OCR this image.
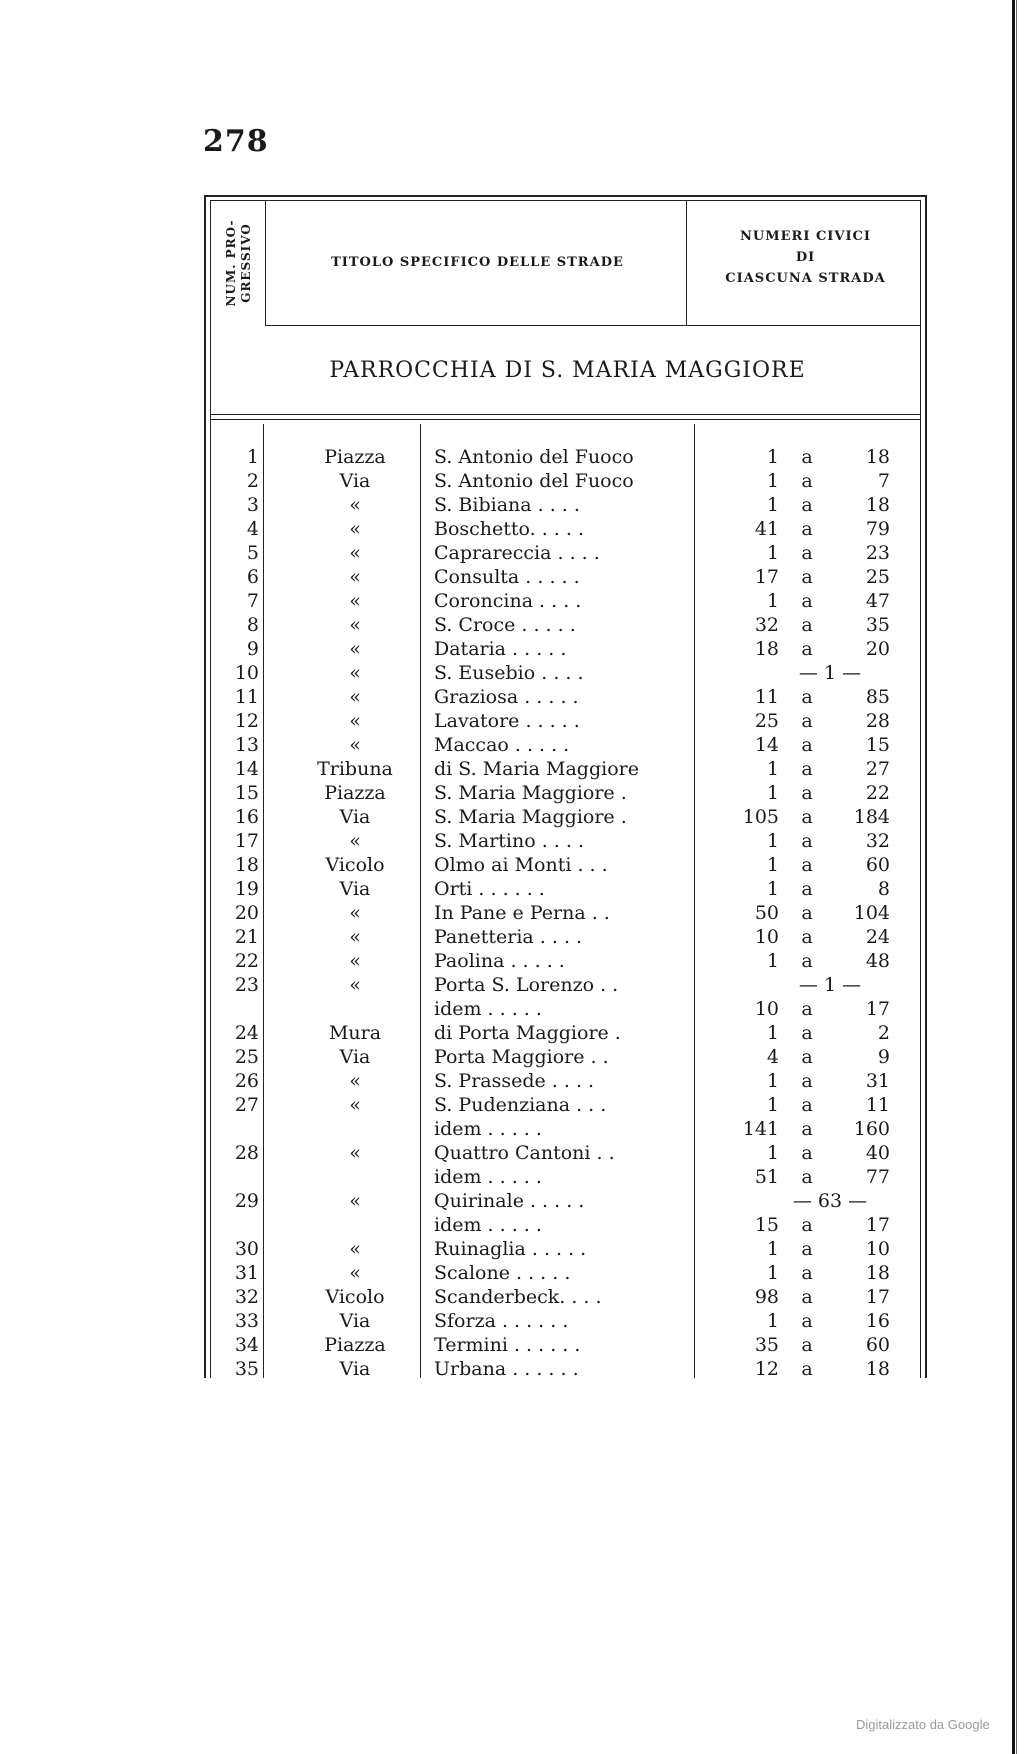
278
NUM. PRO-
GRESSIVO	TITOLO SPECIFICO DELLE STRADE
NUMERI CIVICI
DI
CIASCUNA STRADA
PARROCCHIA DI S. MARIA MAGGIORE
1	Piazza	S. Antonio del Fuoco	1	a	18
2	Via	S. Antonio del Fuoco	1	a	7
3	«	S. Bibiana . . . .	1	a	18
4	«	Boschetto. . . . .	41	a	79
5	«	Caprareccia . . . .	1	a	23
6	«	Consulta . . . . .	17	a	25
7	«	Coroncina . . . .	1	a	47
8	«	S. Croce . . . . .	32	a	35
9	«	Dataria . . . . .	18	a	20
10	«	S. Eusebio . . . .	— 1 —
11	«	Graziosa . . . . .	11	a	85
12	«	Lavatore . . . . .	25	a	28
13	«	Maccao . . . . .	14	a	15
14	Tribuna	di S. Maria Maggiore	1	a	27
15	Piazza	S. Maria Maggiore .	1	a	22
16	Via	S. Maria Maggiore .	105	a	184
17	«	S. Martino . . . .	1	a	32
18	Vicolo	Olmo ai Monti . . .	1	a	60
19	Via	Orti . . . . . .	1	a	8
20	«	In Pane e Perna . .	50	a	104
21	«	Panetteria . . . .	10	a	24
22	«	Paolina . . . . .	1	a	48
23	«	Porta S. Lorenzo . .	— 1 —
idem . . . . .	10	a	17
24	Mura	di Porta Maggiore .	1	a	2
25	Via	Porta Maggiore . .	4	a	9
26	«	S. Prassede . . . .	1	a	31
27	«	S. Pudenziana . . .	1	a	11
idem . . . . .	141	a	160
28	«	Quattro Cantoni . .	1	a	40
idem . . . . .	51	a	77
29	«	Quirinale . . . . .	— 63 —
idem . . . . .	15	a	17
30	«	Ruinaglia . . . . .	1	a	10
31	«	Scalone . . . . .	1	a	18
32	Vicolo	Scanderbeck. . . .	98	a	17
33	Via	Sforza . . . . . .	1	a	16
34	Piazza	Termini . . . . . .	35	a	60
35	Via	Urbana . . . . . .	12	a	18
Digitalizzato da Google
